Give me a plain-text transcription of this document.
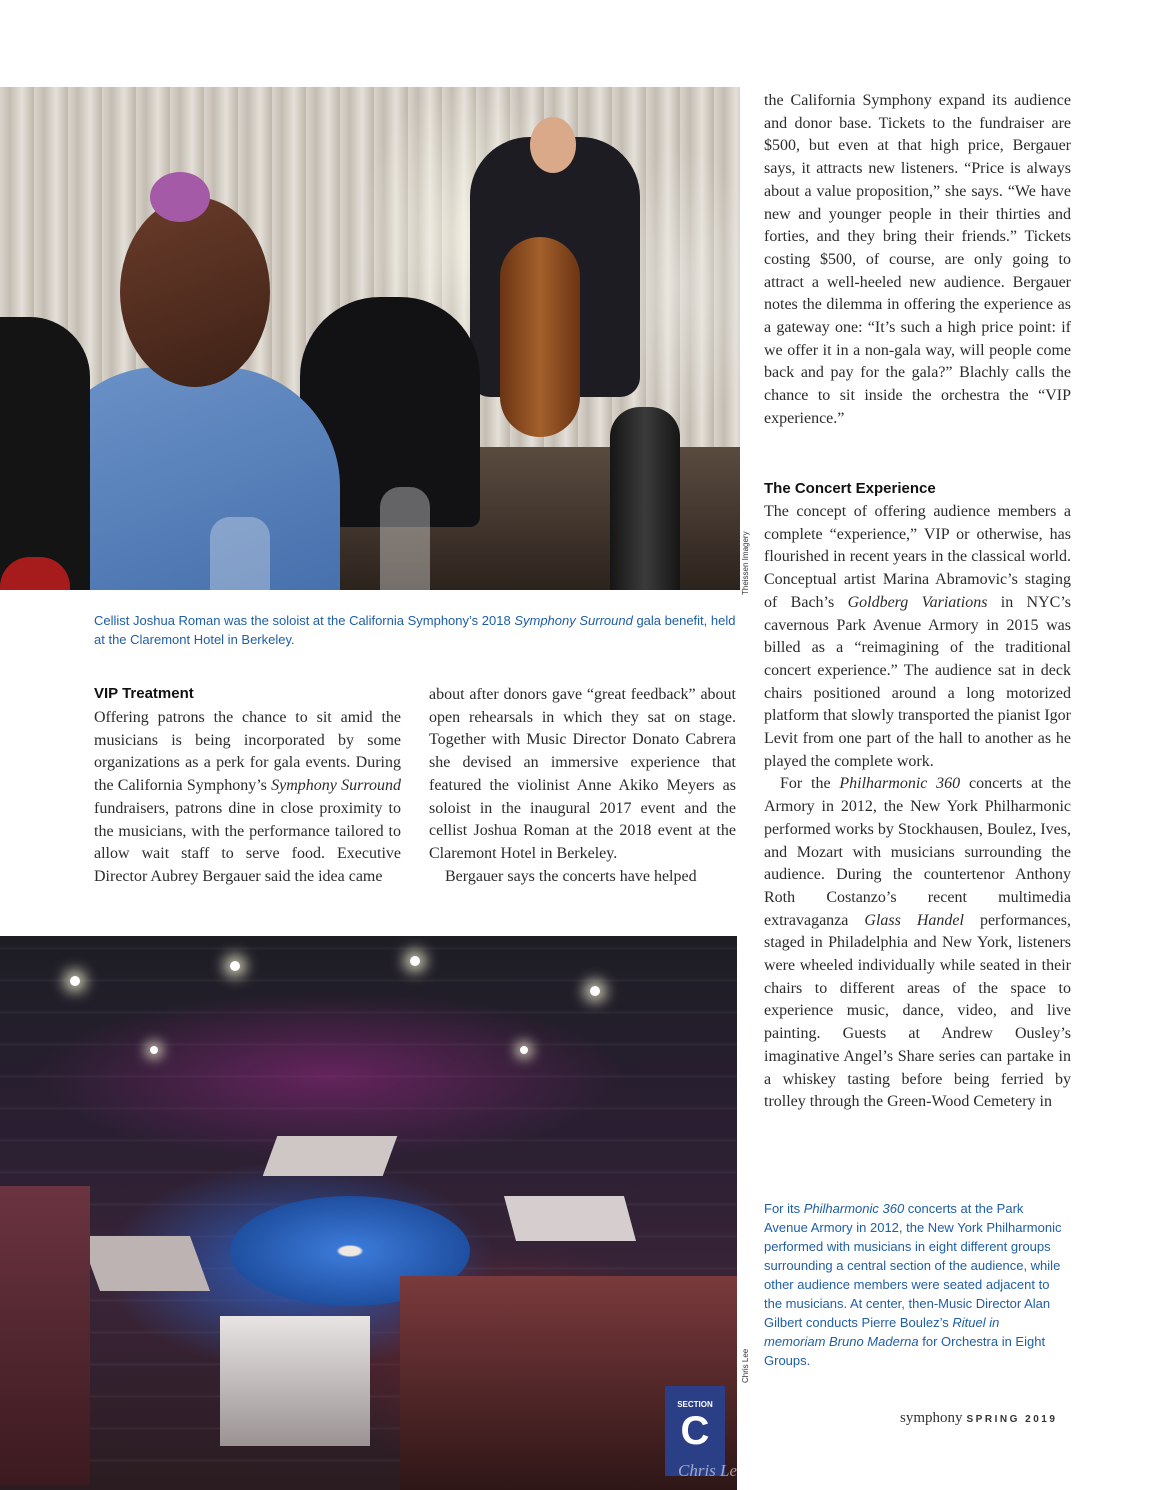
Theissen Imagery
Cellist Joshua Roman was the soloist at the California Symphony’s 2018 Symphony Surround gala benefit, held at the Claremont Hotel in Berkeley.
VIP Treatment

Offering patrons the chance to sit amid the musicians is being incorporated by some organizations as a perk for gala events. During the California Symphony’s Symphony Surround fundraisers, patrons dine in close proximity to the musicians, with the performance tailored to allow wait staff to serve food. Executive Director Aubrey Bergauer said the idea came

about after donors gave “great feedback” about open rehearsals in which they sat on stage. Together with Music Director Donato Cabrera she devised an immersive experience that featured the violinist Anne Akiko Meyers as soloist in the inaugural 2017 event and the cellist Joshua Roman at the 2018 event at the Claremont Hotel in Berkeley.

Bergauer says the concerts have helped

the California Symphony expand its audience and donor base. Tickets to the fundraiser are $500, but even at that high price, Bergauer says, it attracts new listeners. “Price is always about a value proposition,” she says. “We have new and younger people in their thirties and forties, and they bring their friends.” Tickets costing $500, of course, are only going to attract a well-heeled new audience. Bergauer notes the dilemma in offering the experience as a gateway one: “It’s such a high price point: if we offer it in a non-gala way, will people come back and pay for the gala?” Blachly calls the chance to sit inside the orchestra the “VIP experience.”

The Concert Experience

The concept of offering audience members a complete “experience,” VIP or otherwise, has flourished in recent years in the classical world. Conceptual artist Marina Abramovic’s staging of Bach’s Goldberg Variations in NYC’s cavernous Park Avenue Armory in 2015 was billed as a “reimagining of the traditional concert experience.” The audience sat in deck chairs positioned around a long motorized platform that slowly transported the pianist Igor Levit from one part of the hall to another as he played the complete work.

For the Philharmonic 360 concerts at the Armory in 2012, the New York Philharmonic performed works by Stockhausen, Boulez, Ives, and Mozart with musicians surrounding the audience. During the countertenor Anthony Roth Costanzo’s recent multimedia extravaganza Glass Handel performances, staged in Philadelphia and New York, listeners were wheeled individually while seated in their chairs to different areas of the space to experience music, dance, video, and live painting. Guests at Andrew Ousley’s imaginative Angel’s Share series can partake in a whiskey tasting before being ferried by trolley through the Green-Wood Cemetery in

SECTION
C
Chris Lee
Chris Lee
For its Philharmonic 360 concerts at the Park Avenue Armory in 2012, the New York Philharmonic performed with musicians in eight different groups surrounding a central section of the audience, while other audience members were seated adjacent to the musicians. At center, then-Music Director Alan Gilbert conducts Pierre Boulez’s Rituel in memoriam Bruno Maderna for Orchestra in Eight Groups.
symphony SPRING 2019
